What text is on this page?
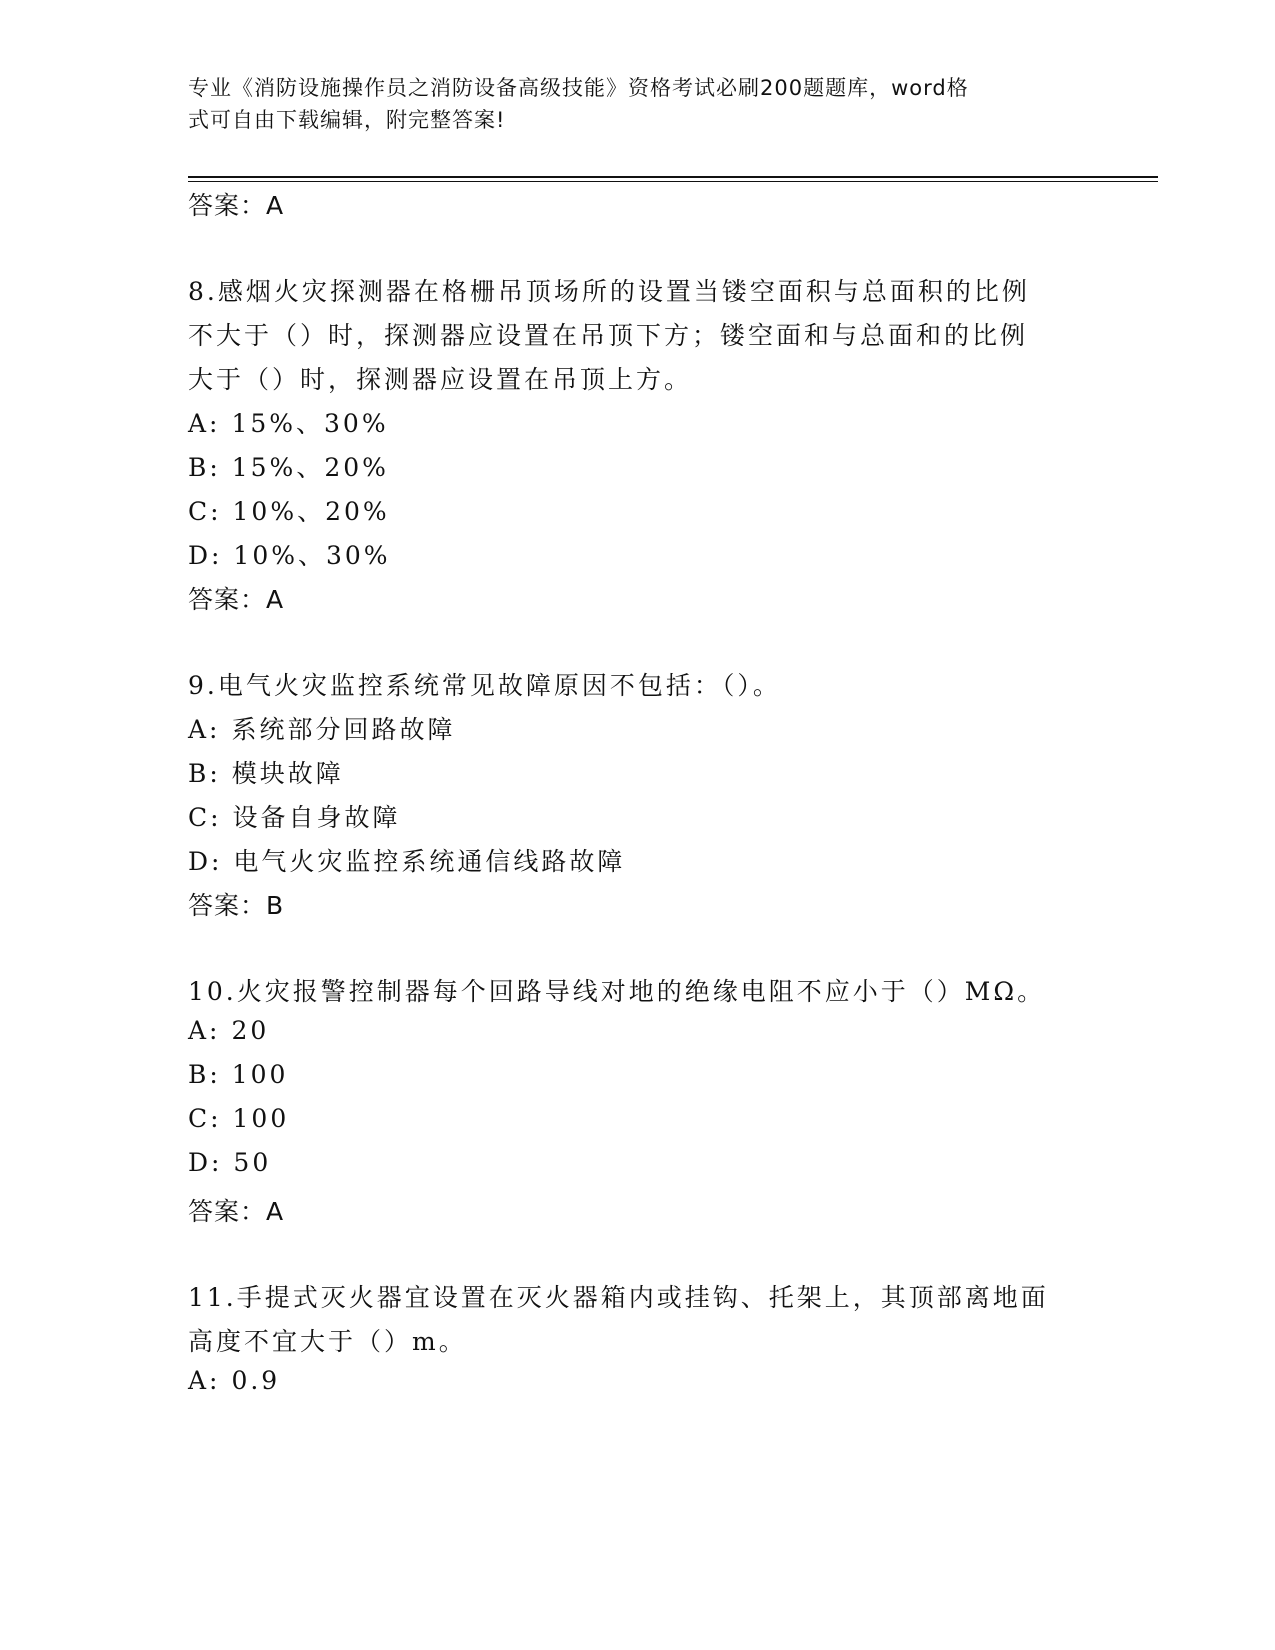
专业《消防设施操作员之消防设备高级技能》资格考试必刷200题题库，word格
式可自由下载编辑，附完整答案!
答案：A
8.感烟火灾探测器在格栅吊顶场所的设置当镂空面积与总面积的比例
不大于（）时，探测器应设置在吊顶下方；镂空面和与总面和的比例
大于（）时，探测器应设置在吊顶上方。
A: 15%、30%
B: 15%、20%
C: 10%、20%
D: 10%、30%
答案：A
9.电气火灾监控系统常见故障原因不包括：（）。
A: 系统部分回路故障
B: 模块故障
C: 设备自身故障
D: 电气火灾监控系统通信线路故障
答案：B
10.火灾报警控制器每个回路导线对地的绝缘电阻不应小于（）MΩ。
A: 20
B: 100
C: 100
D: 50
答案：A
11.手提式灭火器宜设置在灭火器箱内或挂钩、托架上，其顶部离地面
高度不宜大于（）m。
A: 0.9
